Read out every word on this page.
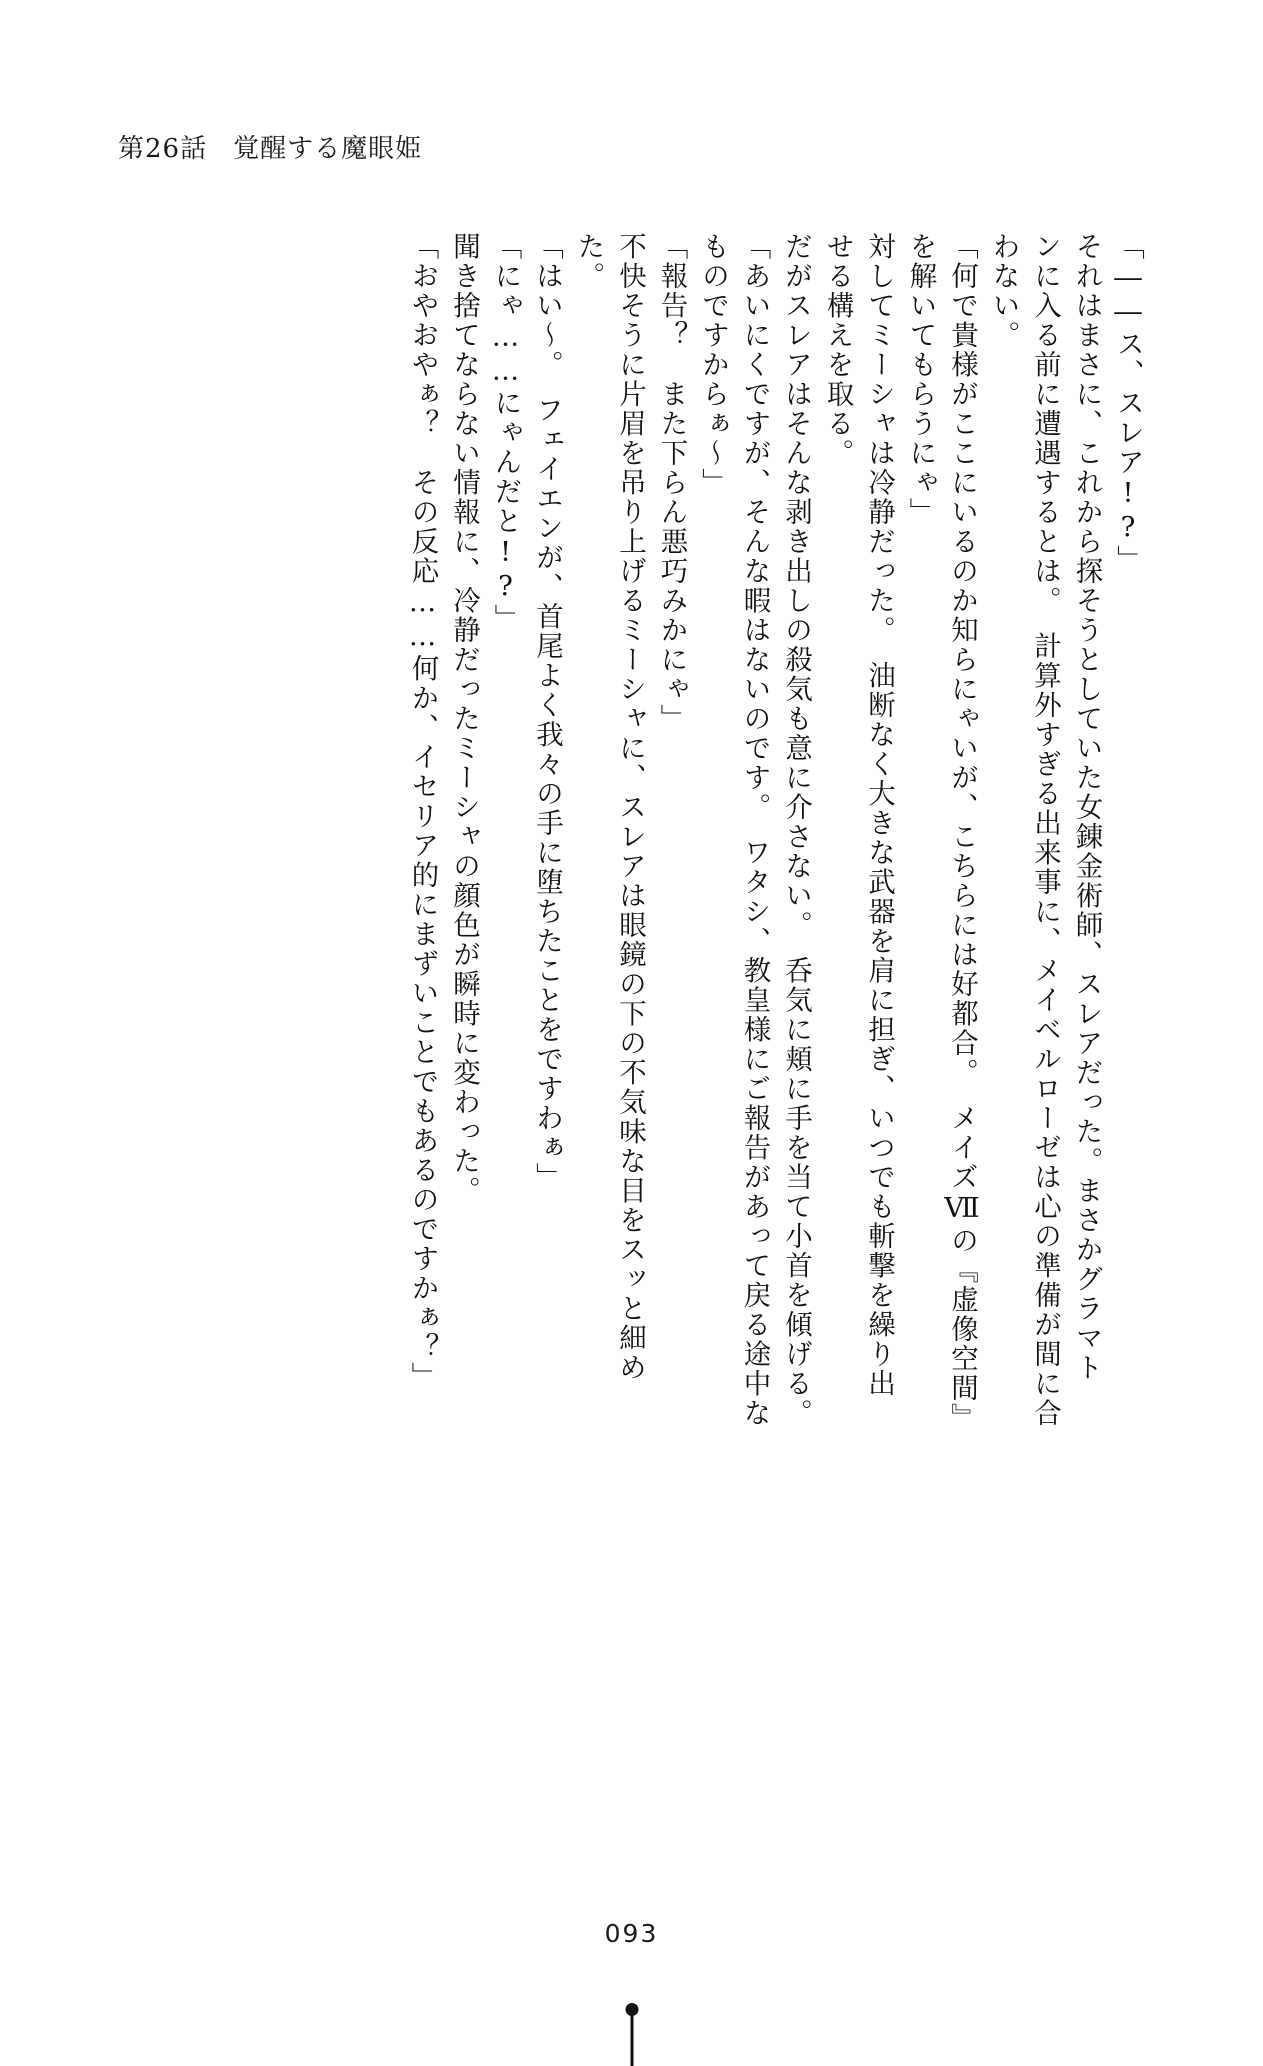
第26話 覚醒する魔眼姫
「――ス、スレア!?」
それはまさに、これから探そうとしていた女錬金術師、スレアだった。まさかグラマト
ンに入る前に遭遇するとは。　計算外すぎる出来事に、メイベルローゼは心の準備が間に合
わない。
「何で貴様がここにいるのか知らにゃいが、こちらには好都合。　メイズⅦの『虚像空間』
を解いてもらうにゃ」
対してミーシャは冷静だった。　油断なく大きな武器を肩に担ぎ、いつでも斬撃を繰り出
せる構えを取る。
だがスレアはそんな剥き出しの殺気も意に介さない。　呑気に頬に手を当て小首を傾げる。
「あいにくですが、そんな暇はないのです。　ワタシ、教皇様にご報告があって戻る途中な
ものですからぁ～」
「報告？　また下らん悪巧みかにゃ」
不快そうに片眉を吊り上げるミーシャに、スレアは眼鏡の下の不気味な目をスッと細め
た。
「はい～。　フェイエンが、首尾よく我々の手に堕ちたことをですわぁ」
「にゃ……にゃんだと!?」
聞き捨てならない情報に、冷静だったミーシャの顔色が瞬時に変わった。
「おやおやぁ？　その反応……何か、イセリア的にまずいことでもあるのですかぁ？」
093
